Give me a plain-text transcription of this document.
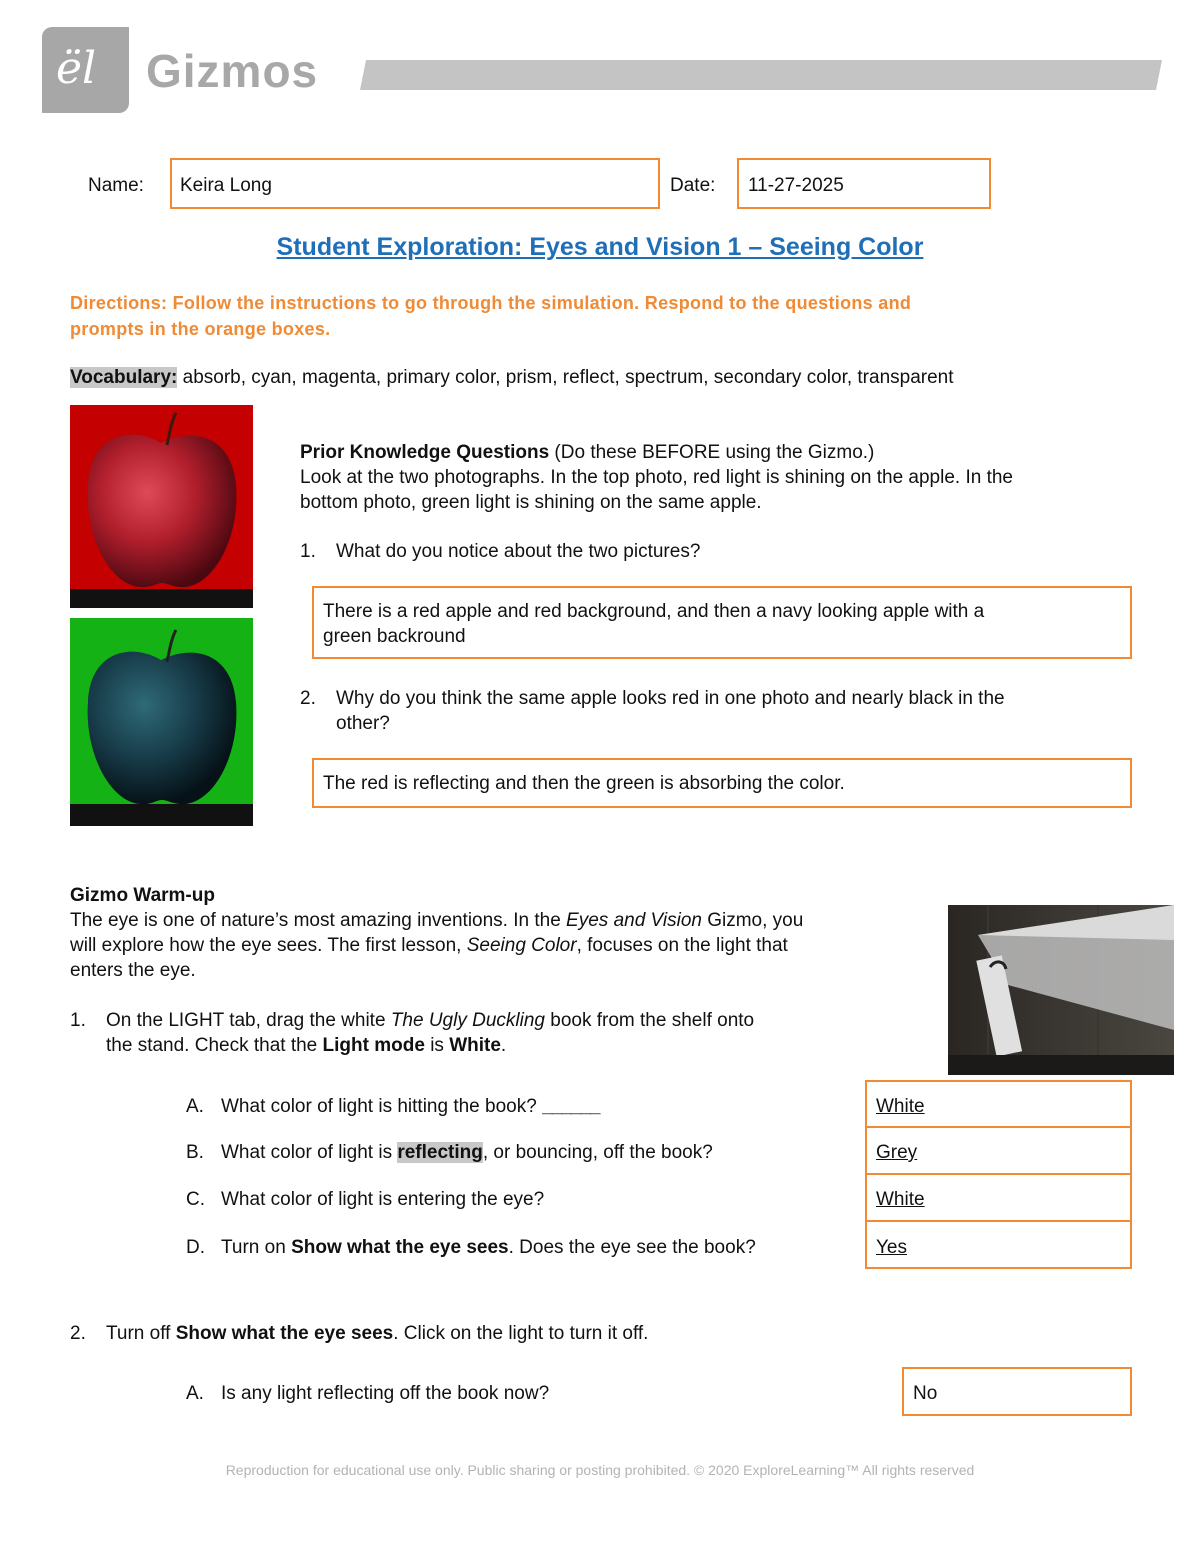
ël Gizmos
Name: Keira Long	Date: 11-27-2025
Student Exploration: Eyes and Vision 1 – Seeing Color
Directions: Follow the instructions to go through the simulation. Respond to the questions and
prompts in the orange boxes.
Vocabulary: absorb, cyan, magenta, primary color, prism, reflect, spectrum, secondary color, transparent
Prior Knowledge Questions (Do these BEFORE using the Gizmo.)
Look at the two photographs. In the top photo, red light is shining on the apple. In the
bottom photo, green light is shining on the same apple.
1. What do you notice about the two pictures?
There is a red apple and red background, and then a navy looking apple with a
green backround
2. Why do you think the same apple looks red in one photo and nearly black in the
other?
The red is reflecting and then the green is absorbing the color.
Gizmo Warm-up
The eye is one of nature’s most amazing inventions. In the Eyes and Vision Gizmo, you
will explore how the eye sees. The first lesson, Seeing Color, focuses on the light that
enters the eye.
1. On the LIGHT tab, drag the white The Ugly Duckling book from the shelf onto
the stand. Check that the Light mode is White.
A. What color of light is hitting the book? ______
B. What color of light is reflecting, or bouncing, off the book?
C. What color of light is entering the eye?
D. Turn on Show what the eye sees. Does the eye see the book?
White
Grey
White
Yes
2. Turn off Show what the eye sees. Click on the light to turn it off.
A. Is any light reflecting off the book now?	No
Reproduction for educational use only. Public sharing or posting prohibited. © 2020 ExploreLearning™ All rights reserved
